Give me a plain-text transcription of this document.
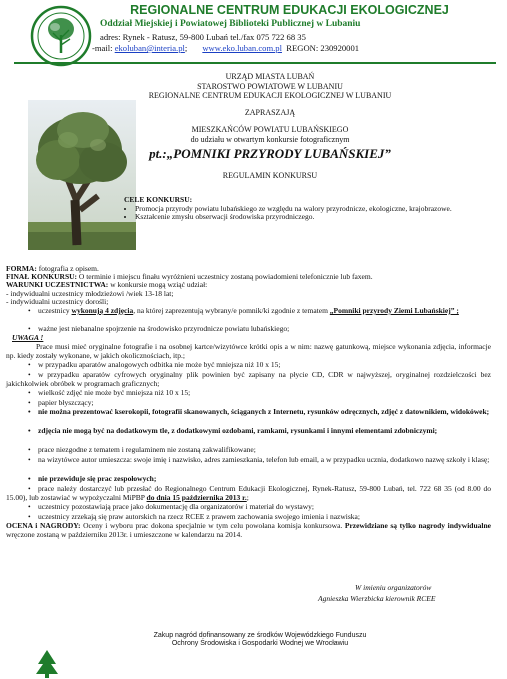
REGIONALNE CENTRUM EDUKACJI EKOLOGICZNEJ
Oddział Miejskiej i Powiatowej Biblioteki Publicznej w Lubaniu
adres: Rynek - Ratusz, 59-800 Lubań tel./fax 075 722 68 35
-mail: ekoluban@interia.pl;       www.eko.luban.com.pl REGON: 230920001
URZĄD MIASTA LUBAŃ
STAROSTWO POWIATOWE W LUBANIU
REGIONALNE CENTRUM EDUKACJI EKOLOGICZNEJ W LUBANIU
ZAPRASZAJĄ
MIESZKAŃCÓW POWIATU LUBAŃSKIEGO
do udziału w otwartym konkursie fotograficznym
pt.:„POMNIKI PRZYRODY LUBAŃSKIEJ”
REGULAMIN KONKURSU
CELE KONKURSU:
• Promocja przyrody powiatu lubańskiego ze względu na walory przyrodnicze, ekologiczne, krajobrazowe.
• Kształcenie zmysłu obserwacji środowiska przyrodniczego.
FORMA: fotografia z opisem.
FINAŁ KONKURSU: O terminie i miejscu finału wyróżnieni uczestnicy zostaną powiadomieni telefonicznie lub faxem.
WARUNKI UCZESTNICTWA: w konkursie mogą wziąć udział:
- indywidualni uczestnicy młodzieżowi /wiek 13-18 lat;
- indywidualni uczestnicy dorośli;
• uczestnicy wykonują 4 zdjęcia, na której zaprezentują wybrany/e pomnik/ki zgodnie z tematem „Pomniki przyrody Ziemi Lubańskiej” ;
• ważne jest niebanalne spojrzenie na środowisko przyrodnicze powiatu lubańskiego;
UWAGA !
Prace musi mieć oryginalne fotografie i na osobnej kartce/wizytówce krótki opis a w nim: nazwę gatunkową, miejsce wykonania zdjęcia, informacje np. kiedy zostały wykonane, w jakich okolicznościach, itp.;
• w przypadku aparatów analogowych odbitka nie może być mniejsza niż 10 x 15;
• w przypadku aparatów cyfrowych oryginalny plik powinien być zapisany na płycie CD, CDR w najwyższej, oryginalnej rozdzielczości bez jakichkolwiek obróbek w programach graficznych;
• wielkość zdjęć nie może być mniejsza niż 10 x 15;
• papier błyszczący;
• nie można prezentować kserokopii, fotografii skanowanych, ściąganych z Internetu, rysunków odręcznych, zdjęć z datownikiem, widokówek;
• zdjęcia nie mogą być na dodatkowym tle, z dodatkowymi ozdobami, ramkami, rysunkami i innymi elementami zdobniczymi;
• prace niezgodne z tematem i regulaminem nie zostaną zakwalifikowane;
• na wizytówce autor umieszcza: swoje imię i nazwisko, adres zamieszkania, telefon lub email, a w przypadku ucznia, dodatkowo nazwę szkoły i klasę;
• nie przewiduje się prac zespołowych;
• prace należy dostarczyć lub przesłać do Regionalnego Centrum Edukacji Ekologicznej, Rynek-Ratusz, 59-800 Lubań, tel. 722 68 35 (od 8.00 do 15.00), lub zostawiać w wypożyczalni MiPBP do dnia 15 października 2013 r.;
• uczestnicy pozostawiają prace jako dokumentację dla organizatorów i materiał do wystawy;
• uczestnicy zrzekają się praw autorskich na rzecz RCEE z prawem zachowania swojego imienia i nazwiska;
OCENA i NAGRODY: Oceny i wyboru prac dokona specjalnie w tym celu powołana komisja konkursowa. Przewidziane są tylko nagrody indywidualne wręczone zostaną w październiku 2013r. i umieszczone w kalendarzu na 2014.
W imieniu organizatorów
Agnieszka Wierzbicka kierownik RCEE
Zakup nagród dofinansowany ze środków Wojewódzkiego Funduszu
Ochrony Środowiska i Gospodarki Wodnej we Wrocławiu
